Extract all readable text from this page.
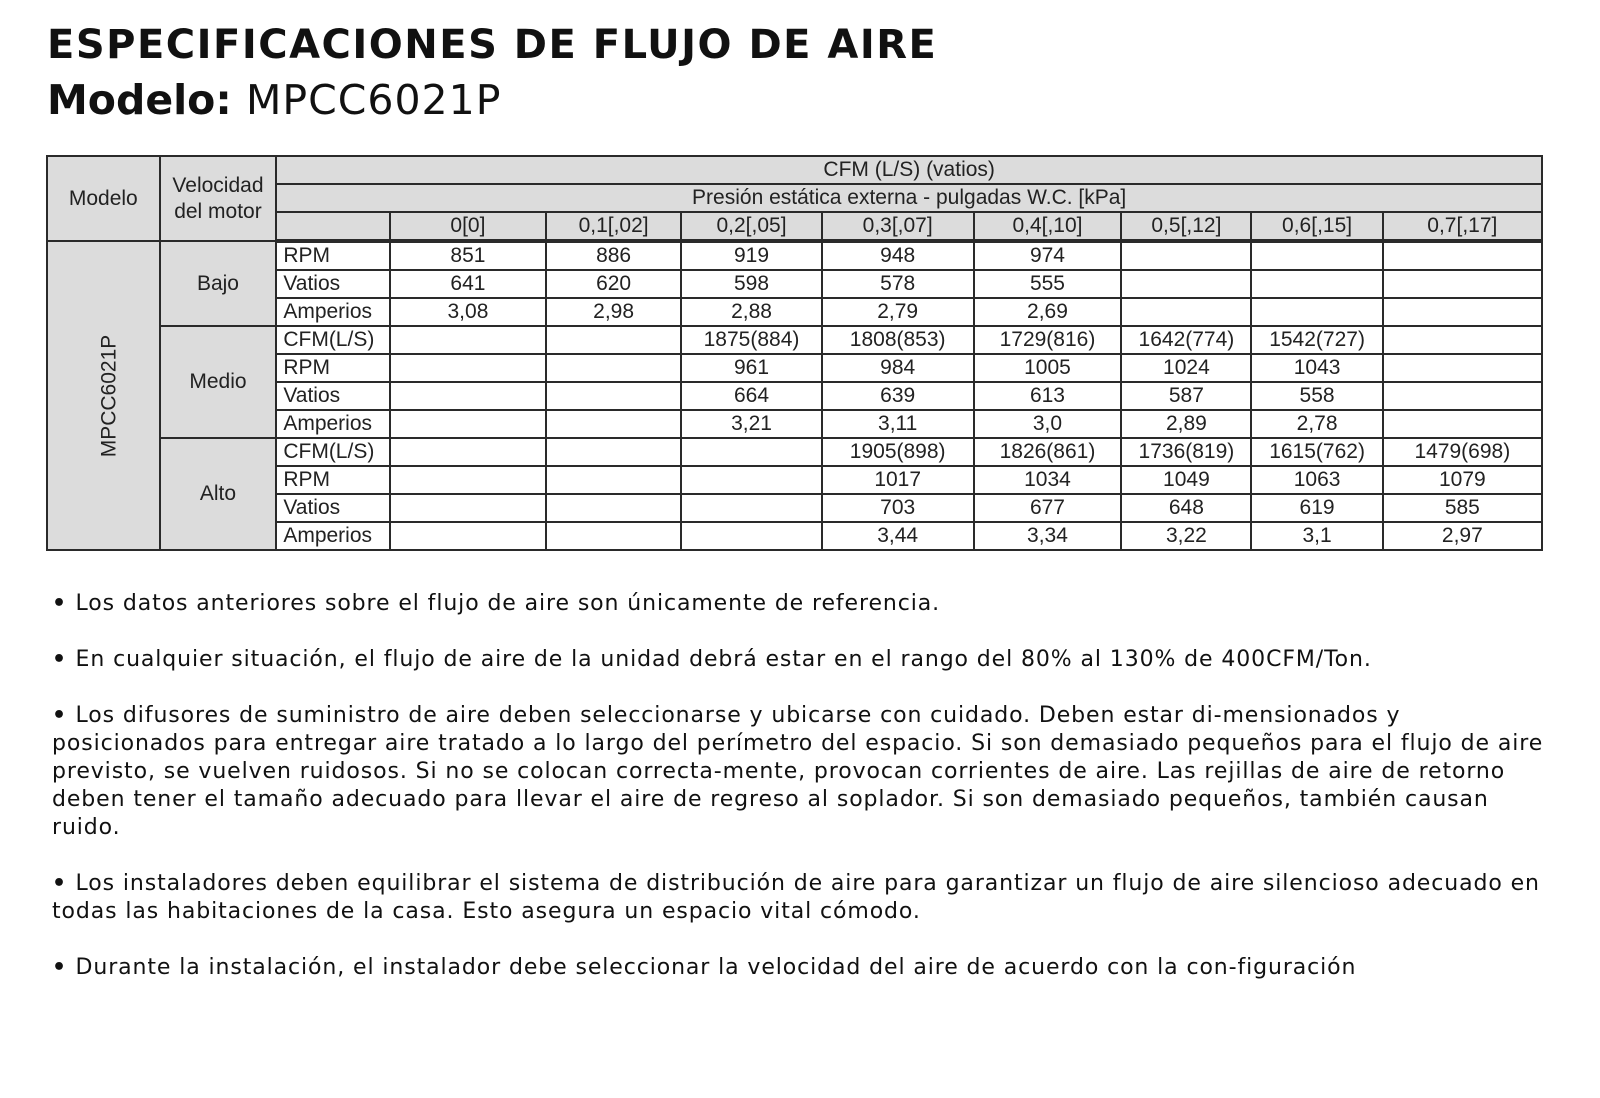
ESPECIFICACIONES DE FLUJO DE AIRE
Modelo: MPCC6021P
Modelo	Velocidad del motor	CFM (L/S) (vatios)								
		Presión estática externa - pulgadas W.C. [kPa]								
			0[0]	0,1[,02]	0,2[,05]	0,3[,07]	0,4[,10]	0,5[,12]	0,6[,15]	0,7[,17]
MPCC6021P	Bajo	RPM	851	886	919	948	974			
		Vatios	641	620	598	578	555			
		Amperios	3,08	2,98	2,88	2,79	2,69			
	Medio	CFM(L/S)			1875(884)	1808(853)	1729(816)	1642(774)	1542(727)	
		RPM			961	984	1005	1024	1043	
		Vatios			664	639	613	587	558	
		Amperios			3,21	3,11	3,0	2,89	2,78	
	Alto	CFM(L/S)				1905(898)	1826(861)	1736(819)	1615(762)	1479(698)
		RPM				1017	1034	1049	1063	1079
		Vatios				703	677	648	619	585
		Amperios				3,44	3,34	3,22	3,1	2,97

• Los datos anteriores sobre el flujo de aire son únicamente de referencia.

• En cualquier situación, el flujo de aire de la unidad debrá estar en el rango del 80% al 130% de 400CFM/Ton.

• Los difusores de suministro de aire deben seleccionarse y ubicarse con cuidado. Deben estar di-mensionados y posicionados para entregar aire tratado a lo largo del perímetro del espacio. Si son demasiado pequeños para el flujo de aire previsto, se vuelven ruidosos. Si no se colocan correcta-mente, provocan corrientes de aire. Las rejillas de aire de retorno deben tener el tamaño adecuado para llevar el aire de regreso al soplador. Si son demasiado pequeños, también causan ruido.

• Los instaladores deben equilibrar el sistema de distribución de aire para garantizar un flujo de aire silencioso adecuado en todas las habitaciones de la casa. Esto asegura un espacio vital cómodo.

• Durante la instalación, el instalador debe seleccionar la velocidad del aire de acuerdo con la con-figuración
